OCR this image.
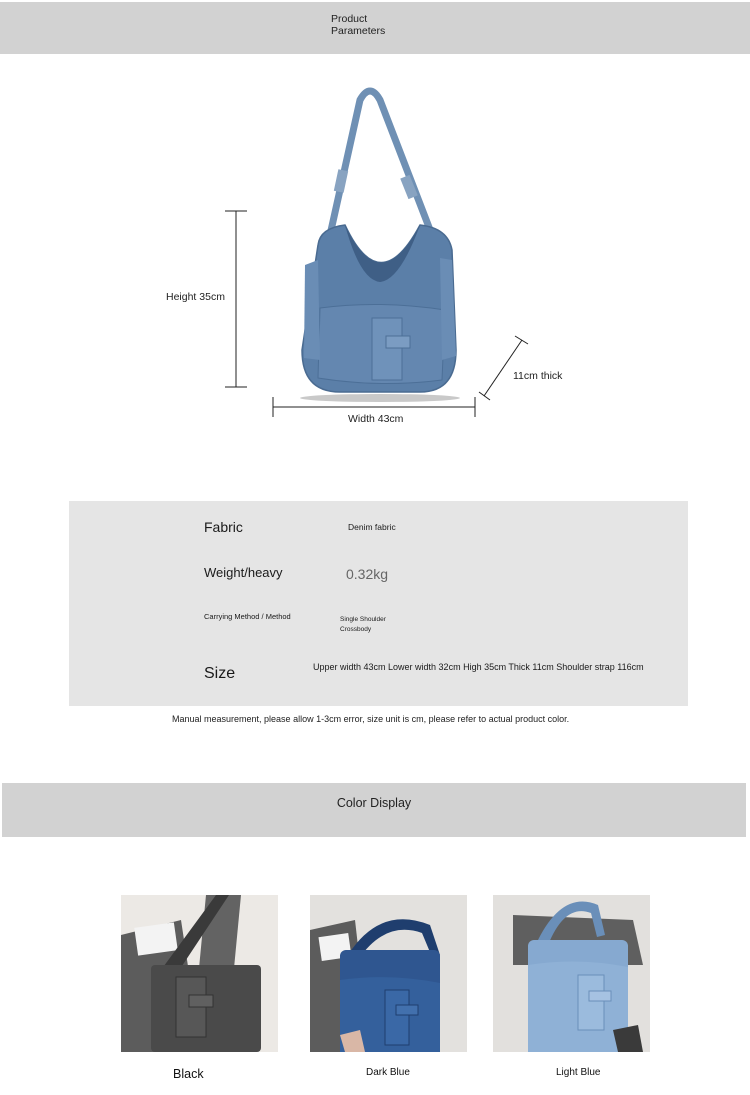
Product
Parameters
Height 35cm
Width 43cm
11cm thick
Fabric	Denim fabric
Weight/heavy	0.32kg
Carrying Method / Method	Single Shoulder
Crossbody
Size	Upper width 43cm Lower width 32cm High 35cm Thick 11cm Shoulder strap 116cm
Manual measurement, please allow 1-3cm error, size unit is cm, please refer to actual product color.
Color Display
Black	Dark Blue	Light Blue
